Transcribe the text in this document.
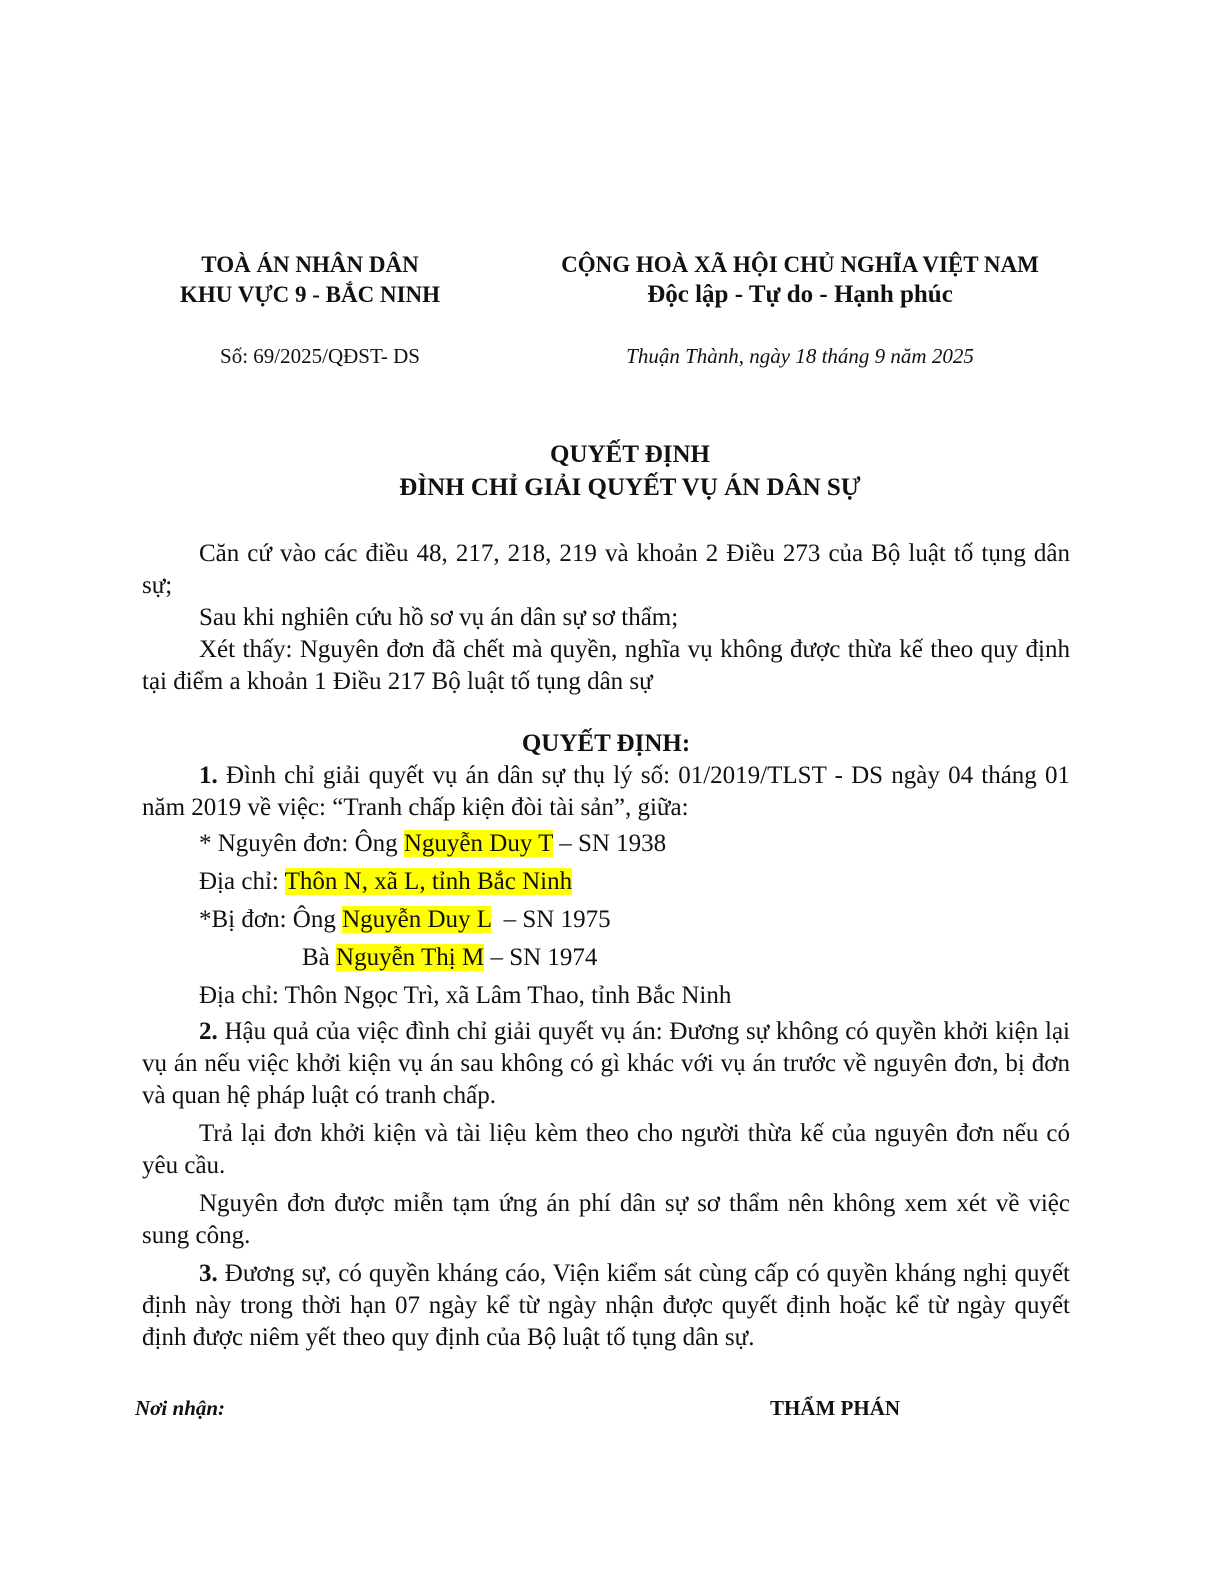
TOÀ ÁN NHÂN DÂN
KHU VỰC 9 - BẮC NINH
CỘNG HOÀ XÃ HỘI CHỦ NGHĨA VIỆT NAM
Độc lập - Tự do - Hạnh phúc
Số: 69/2025/QĐST- DS	Thuận Thành, ngày 18 tháng 9 năm 2025
QUYẾT ĐỊNH
ĐÌNH CHỈ GIẢI QUYẾT VỤ ÁN DÂN SỰ

Căn cứ vào các điều 48, 217, 218, 219 và khoản 2 Điều 273 của Bộ luật tố tụng dân sự;

Sau khi nghiên cứu hồ sơ vụ án dân sự sơ thẩm;

Xét thấy: Nguyên đơn đã chết mà quyền, nghĩa vụ không được thừa kế theo quy định tại điểm a khoản 1 Điều 217 Bộ luật tố tụng dân sự

QUYẾT ĐỊNH:

1. Đình chỉ giải quyết vụ án dân sự thụ lý số: 01/2019/TLST - DS ngày 04 tháng 01 năm 2019 về việc: “Tranh chấp kiện đòi tài sản”, giữa:

* Nguyên đơn: Ông Nguyễn Duy T – SN 1938

Địa chỉ: Thôn N, xã L, tỉnh Bắc Ninh

*Bị đơn: Ông Nguyễn Duy L  – SN 1975

Bà Nguyễn Thị M – SN 1974

Địa chỉ: Thôn Ngọc Trì, xã Lâm Thao, tỉnh Bắc Ninh

2. Hậu quả của việc đình chỉ giải quyết vụ án: Đương sự không có quyền khởi kiện lại vụ án nếu việc khởi kiện vụ án sau không có gì khác với vụ án trước về nguyên đơn, bị đơn và quan hệ pháp luật có tranh chấp.

Trả lại đơn khởi kiện và tài liệu kèm theo cho người thừa kế của nguyên đơn nếu có yêu cầu.

Nguyên đơn được miễn tạm ứng án phí dân sự sơ thẩm nên không xem xét về việc sung công.

3. Đương sự, có quyền kháng cáo, Viện kiểm sát cùng cấp có quyền kháng nghị quyết định này trong thời hạn 07 ngày kể từ ngày nhận được quyết định hoặc kể từ ngày quyết định được niêm yết theo quy định của Bộ luật tố tụng dân sự.

Nơi nhận:	THẨM PHÁN
